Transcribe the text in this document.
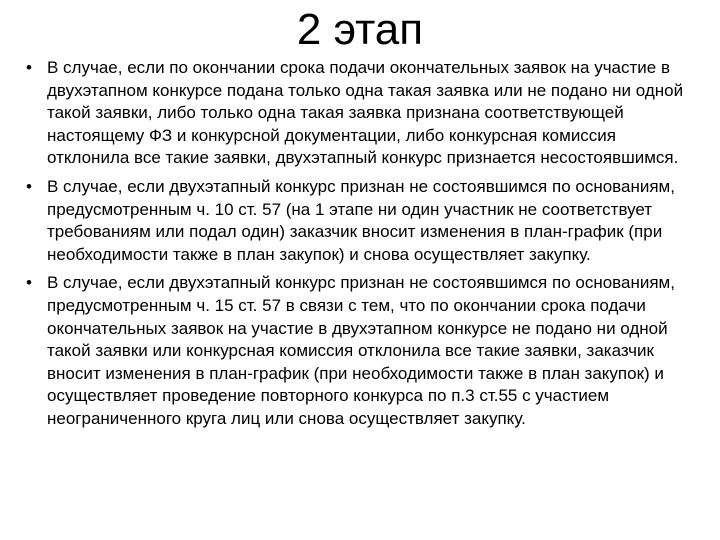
2 этап
• В случае, если по окончании срока подачи окончательных заявок на участие в двухэтапном конкурсе подана только одна такая заявка или не подано ни одной такой заявки, либо только одна такая заявка признана соответствующей настоящему ФЗ и конкурсной документации, либо конкурсная комиссия отклонила все такие заявки, двухэтапный конкурс признается несостоявшимся.
• В случае, если двухэтапный конкурс признан не состоявшимся по основаниям, предусмотренным ч. 10 ст. 57 (на 1 этапе ни один участник не соответствует требованиям или подал один) заказчик вносит изменения в план-график (при необходимости также в план закупок) и снова осуществляет закупку.
• В случае, если двухэтапный конкурс признан не состоявшимся по основаниям, предусмотренным ч. 15 ст. 57 в связи с тем, что по окончании срока подачи окончательных заявок на участие в двухэтапном конкурсе не подано ни одной такой заявки или конкурсная комиссия отклонила все такие заявки, заказчик вносит изменения в план-график (при необходимости также в план закупок) и осуществляет проведение повторного конкурса по п.3 ст.55 с участием неограниченного круга лиц или снова осуществляет закупку.
